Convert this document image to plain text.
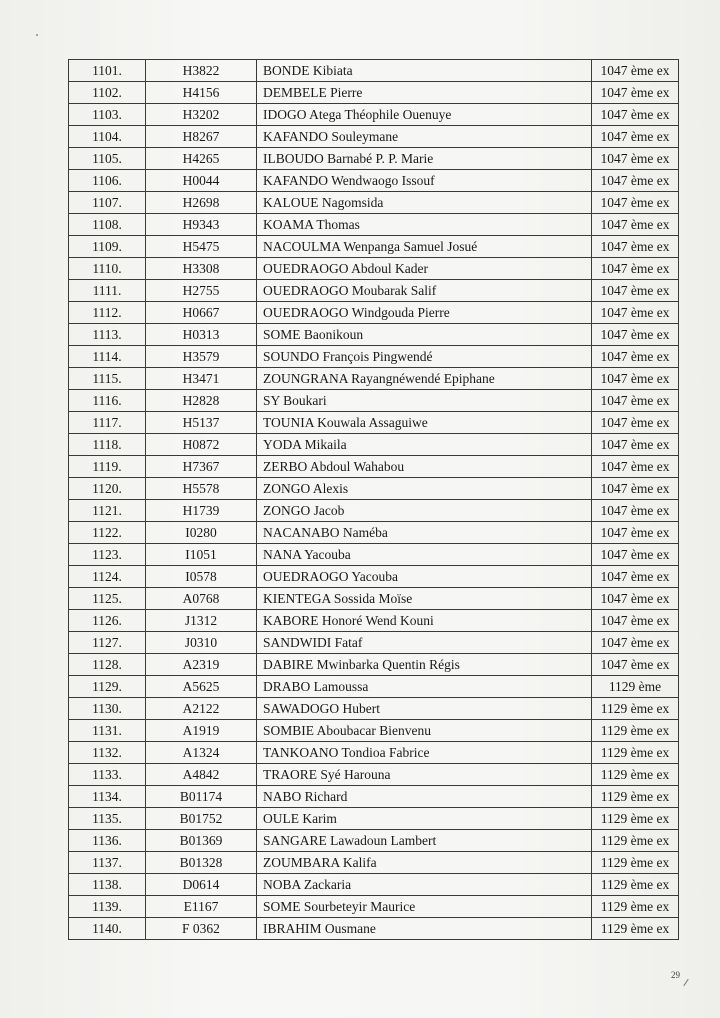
1101.	H3822	BONDE Kibiata	1047 ème ex
1102.	H4156	DEMBELE Pierre	1047 ème ex
1103.	H3202	IDOGO Atega Théophile Ouenuye	1047 ème ex
1104.	H8267	KAFANDO Souleymane	1047 ème ex
1105.	H4265	ILBOUDO Barnabé P. P. Marie	1047 ème ex
1106.	H0044	KAFANDO Wendwaogo Issouf	1047 ème ex
1107.	H2698	KALOUE Nagomsida	1047 ème ex
1108.	H9343	KOAMA Thomas	1047 ème ex
1109.	H5475	NACOULMA Wenpanga Samuel Josué	1047 ème ex
1110.	H3308	OUEDRAOGO Abdoul Kader	1047 ème ex
1111.	H2755	OUEDRAOGO Moubarak Salif	1047 ème ex
1112.	H0667	OUEDRAOGO Windgouda Pierre	1047 ème ex
1113.	H0313	SOME Baonikoun	1047 ème ex
1114.	H3579	SOUNDO François Pingwendé	1047 ème ex
1115.	H3471	ZOUNGRANA Rayangnéwendé Epiphane	1047 ème ex
1116.	H2828	SY Boukari	1047 ème ex
1117.	H5137	TOUNIA Kouwala Assaguiwe	1047 ème ex
1118.	H0872	YODA Mikaila	1047 ème ex
1119.	H7367	ZERBO Abdoul Wahabou	1047 ème ex
1120.	H5578	ZONGO Alexis	1047 ème ex
1121.	H1739	ZONGO Jacob	1047 ème ex
1122.	I0280	NACANABO Naméba	1047 ème ex
1123.	I1051	NANA Yacouba	1047 ème ex
1124.	I0578	OUEDRAOGO Yacouba	1047 ème ex
1125.	A0768	KIENTEGA Sossida Moïse	1047 ème ex
1126.	J1312	KABORE Honoré Wend Kouni	1047 ème ex
1127.	J0310	SANDWIDI Fataf	1047 ème ex
1128.	A2319	DABIRE Mwinbarka Quentin Régis	1047 ème ex
1129.	A5625	DRABO Lamoussa	1129 ème
1130.	A2122	SAWADOGO Hubert	1129 ème ex
1131.	A1919	SOMBIE Aboubacar Bienvenu	1129 ème ex
1132.	A1324	TANKOANO Tondioa Fabrice	1129 ème ex
1133.	A4842	TRAORE Syé Harouna	1129 ème ex
1134.	B01174	NABO Richard	1129 ème ex
1135.	B01752	OULE Karim	1129 ème ex
1136.	B01369	SANGARE Lawadoun Lambert	1129 ème ex
1137.	B01328	ZOUMBARA Kalifa	1129 ème ex
1138.	D0614	NOBA Zackaria	1129 ème ex
1139.	E1167	SOME Sourbeteyir Maurice	1129 ème ex
1140.	F 0362	IBRAHIM Ousmane	1129 ème ex
29
